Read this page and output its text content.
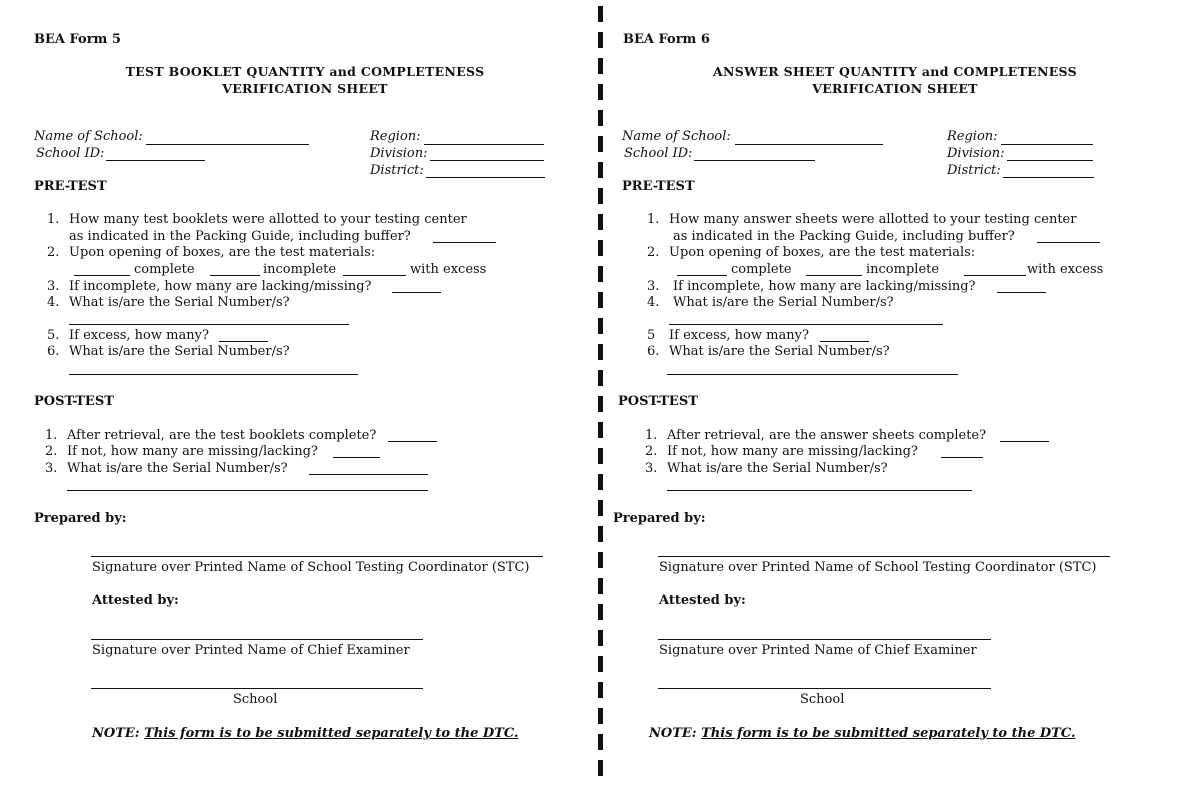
BEA Form 5
TEST BOOKLET QUANTITY and COMPLETENESS
VERIFICATION SHEET
Name of School:
School ID:
Region:
Division:
District:
PRE-TEST
1. How many test booklets were allotted to your testing center
as indicated in the Packing Guide, including buffer?
2. Upon opening of boxes, are the test materials:
complete	incomplete	with excess
3. If incomplete, how many are lacking/missing?
4. What is/are the Serial Number/s?
5. If excess, how many?
6. What is/are the Serial Number/s?
POST-TEST
1. After retrieval, are the test booklets complete?
2. If not, how many are missing/lacking?
3. What is/are the Serial Number/s?
Prepared by:
Signature over Printed Name of School Testing Coordinator (STC)
Attested by:
Signature over Printed Name of Chief Examiner
School
NOTE: This form is to be submitted separately to the DTC.
BEA Form 6
ANSWER SHEET QUANTITY and COMPLETENESS
VERIFICATION SHEET
Name of School:
School ID:
Region:
Division:
District:
PRE-TEST
1. How many answer sheets were allotted to your testing center
as indicated in the Packing Guide, including buffer?
2. Upon opening of boxes, are the test materials:
complete	incomplete	with excess
3. If incomplete, how many are lacking/missing?
4. What is/are the Serial Number/s?
5 If excess, how many?
6. What is/are the Serial Number/s?
POST-TEST
1. After retrieval, are the answer sheets complete?
2. If not, how many are missing/lacking?
3. What is/are the Serial Number/s?
Prepared by:
Signature over Printed Name of School Testing Coordinator (STC)
Attested by:
Signature over Printed Name of Chief Examiner
School
NOTE: This form is to be submitted separately to the DTC.
